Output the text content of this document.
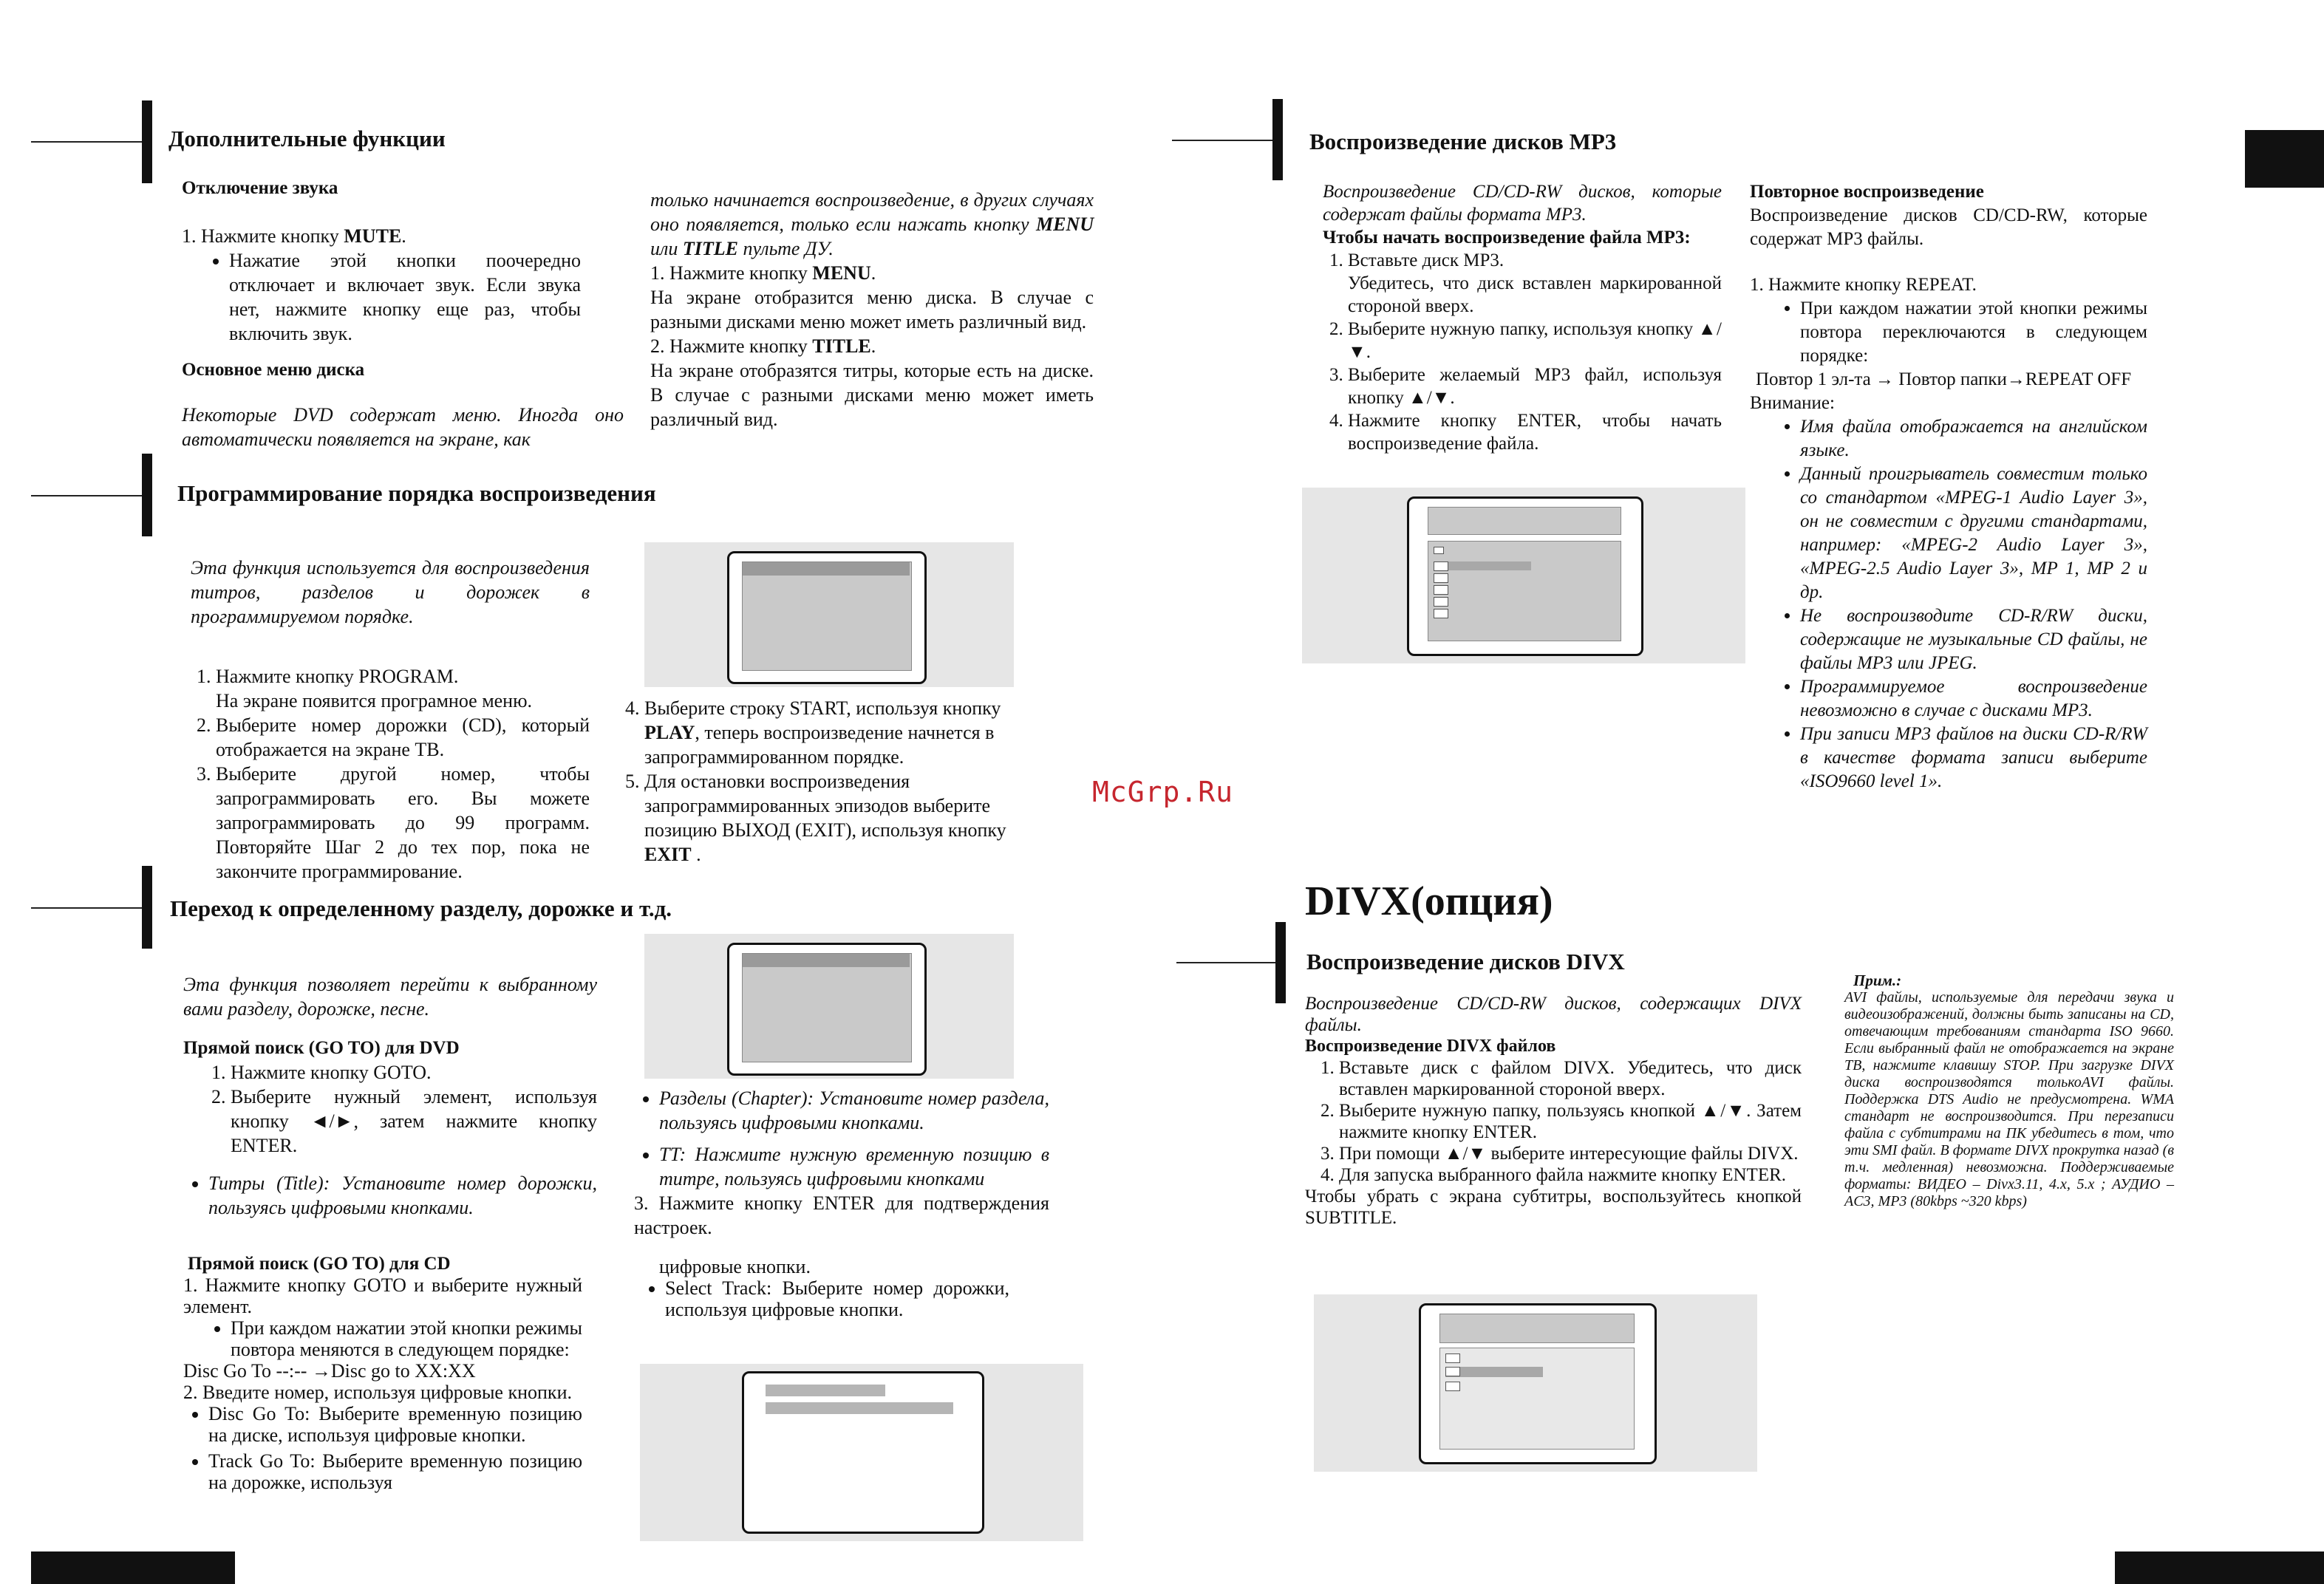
Дополнительные функции

Отключение звука

1. Нажмите кнопку MUTE.

• Нажатие этой кнопки поочередно отключает и включает звук. Если звука нет, нажмите кнопку еще раз, чтобы включить звук.

Основное меню диска

Некоторые DVD содержат меню. Иногда оно автоматически появляется на экране, как

только начинается воспроизведение, в других случаях оно появляется, только если нажать кнопку MENU или TITLE пульте ДУ.

1. Нажмите кнопку MENU.

На экране отобразится меню диска. В случае с разными дисками меню может иметь различный вид.

2. Нажмите кнопку TITLE.

На экране отобразятся титры, которые есть на диске. В случае с разными дисками меню может иметь различный вид.

Программирование порядка воспроизведения

Эта функция используется для воспроизведения титров, разделов и дорожек в программируемом порядке.

1. Нажмите кнопку PROGRAM.
На экране появится програмное меню.
2. Выберите номер дорожки (CD), который отображается на экране ТВ.
3. Выберите другой номер, чтобы запрограммировать его. Вы можете запрограммировать до 99 программ. Повторяйте Шаг 2 до тех пор, пока не закончите программирование.
4. Выберите строку START, используя кнопку PLAY, теперь воспроизведение начнется в запрограммированном порядке.
5. Для остановки воспроизведения запрограммированных эпизодов выберите позицию ВЫХОД (EXIT), используя кнопку EXIT .
Переход к определенному разделу, дорожке и т.д.

Эта функция позволяет перейти к выбранному вами разделу, дорожке, песне.

Прямой поиск (GO TO) для DVD

1. Нажмите кнопку GOTO.
2. Выберите нужный элемент, используя кнопку ◄/►, затем нажмите кнопку ENTER.
• Титры (Title): Установите номер дорожки, пользуясь цифровыми кнопками.
• Разделы (Chapter): Установите номер раздела, пользуясь цифровыми кнопками.
• TT: Нажмите нужную временную позицию в титре, пользуясь цифровыми кнопками

3. Нажмите кнопку ENTER для подтверждения настроек.

Прямой поиск (GO TO) для CD

1. Нажмите кнопку GOTO и выберите нужный элемент.

• При каждом нажатии этой кнопки режимы повтора меняются в следующем порядке:

Disc Go To --:-- →Disc go to XX:XX

2. Введите номер, используя цифровые кнопки.

• Disc Go To: Выберите временную позицию на диске, используя цифровые кнопки.
• Track Go To: Выберите временную позицию на дорожке, используя

цифровые кнопки.

• Select Track: Выберите номер дорожки, используя цифровые кнопки.
McGrp.Ru
Воспроизведение дисков MP3

Воспроизведение CD/CD-RW дисков, которые содержат файлы формата MP3.

Чтобы начать воспроизведение файла MP3:

1. Вставьте диск MP3.
Убедитесь, что диск вставлен маркированной стороной вверх.
2. Выберите нужную папку, используя кнопку ▲/▼.
3. Выберите желаемый MP3 файл, используя кнопку ▲/▼.
4. Нажмите кнопку ENTER, чтобы начать воспроизведение файла.

Повторное воспроизведение

Воспроизведение дисков CD/CD-RW, которые содержат MP3 файлы.

1. Нажмите кнопку REPEAT.

• При каждом нажатии этой кнопки режимы повтора переключаются в следующем порядке:

Повтор 1 эл-та → Повтор папки→REPEAT OFF

Внимание:

• Имя файла отображается на английском языке.
• Данный проигрыватель совместим только со стандартом «MPEG-1 Audio Layer 3», он не совместим с другими стандартами, например: «MPEG-2 Audio Layer 3», «MPEG-2.5 Audio Layer 3», MP 1, MP 2 и др.
• Не воспроизводите CD-R/RW диски, содержащие не музыкальные CD файлы, не файлы MP3 или JPEG.
• Программируемое воспроизведение невозможно в случае с дисками MP3.
• При записи MP3 файлов на диски CD-R/RW в качестве формата записи выберите «ISO9660 level 1».
DIVX(опция)
Воспроизведение дисков DIVX

Воспроизведение CD/CD-RW дисков, содержащих DIVX файлы.

Воспроизведение DIVX файлов

1. Вставьте диск с файлом DIVX. Убедитесь, что диск вставлен маркированной стороной вверх.
2. Выберите нужную папку, пользуясь кнопкой ▲/▼. Затем нажмите кнопку ENTER.
3. При помощи ▲/▼ выберите интересующие файлы DIVX.
4. Для запуска выбранного файла нажмите кнопку ENTER.

Чтобы убрать с экрана субтитры, воспользуйтесь кнопкой SUBTITLE.

Прим.:

AVI файлы, используемые для передачи звука и видеоизображений, должны быть записаны на CD, отвечающим требованиям стандарта ISO 9660. Если выбранный файл не отображается на экране ТВ, нажмите клавишу STOP. При загрузке DIVX диска воспроизводятся толькоAVI файлы. Поддержка DTS Audio не предусмотрена. WMA стандарт не воспроизводится. При перезаписи файла с субтитрами на ПК убедитесь в том, что эти SMI файл. В формате DIVX прокрутка назад (в т.ч. медленная) невозможна. Поддерживаемые форматы: ВИДЕО – Divx3.11, 4.x, 5.x ; АУДИО – AC3, MP3 (80kbps ~320 kbps)
